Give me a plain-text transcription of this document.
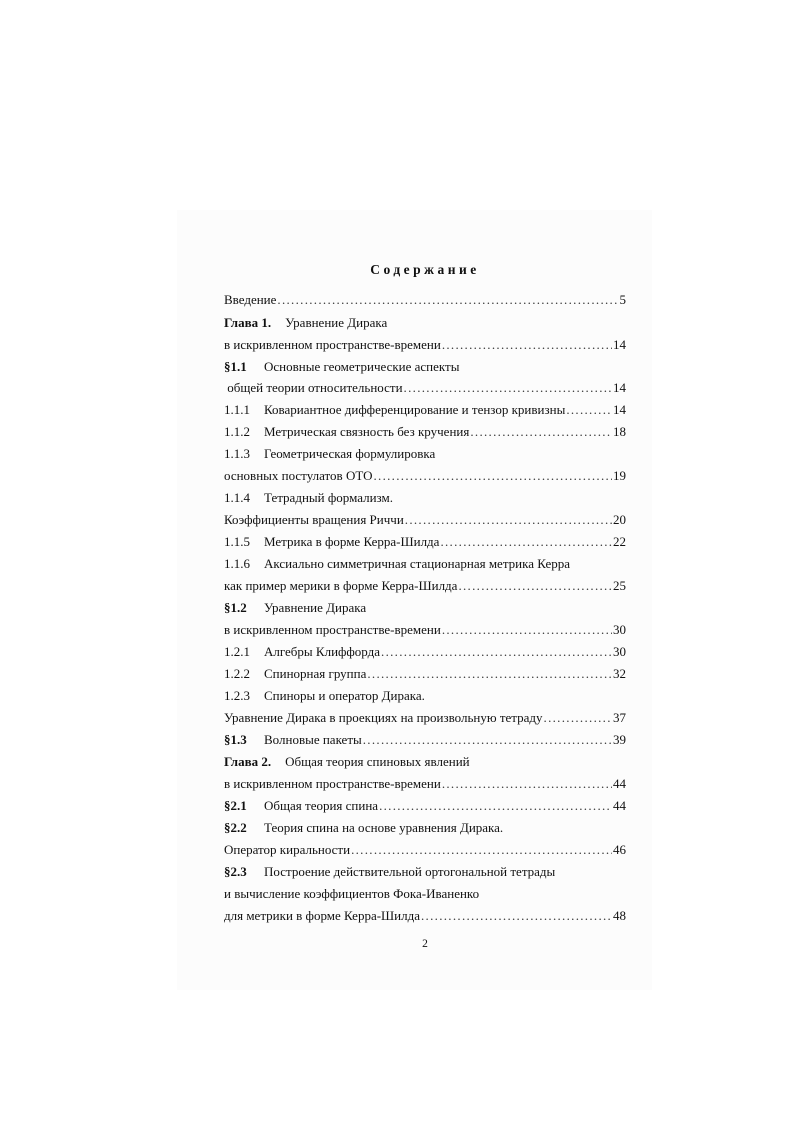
Содержание
Введение .....	5
Глава 1. Уравнение Дирака
в искривленном пространстве-времени .....	14
§1.1	Основные геометрические аспекты
общей теории относительности .....	14
1.1.1	Ковариантное дифференцирование и тензор кривизны .....	14
1.1.2	Метрическая связность без кручения .....	18
1.1.3	Геометрическая формулировка
основных постулатов ОТО .....	19
1.1.4	Тетрадный формализм.
Коэффициенты вращения Риччи .....	20
1.1.5	Метрика в форме Керра-Шилда .....	22
1.1.6	Аксиально симметричная стационарная метрика Керра
как пример мерики в форме Керра-Шилда .....	25
§1.2	Уравнение Дирака
в искривленном пространстве-времени .....	30
1.2.1	Алгебры Клиффорда .....	30
1.2.2	Спинорная группа .....	32
1.2.3	Спиноры и оператор Дирака.
Уравнение Дирака в проекциях на произвольную тетраду .....	37
§1.3	Волновые пакеты .....	39
Глава 2. Общая теория спиновых явлений
в искривленном пространстве-времени .....	44
§2.1	Общая теория спина .....	44
§2.2	Теория спина на основе уравнения Дирака.
Оператор киральности .....	46
§2.3	Построение действительной ортогональной тетрады
и вычисление коэффициентов Фока-Иваненко
для метрики в форме Керра-Шилда .....	48
2
